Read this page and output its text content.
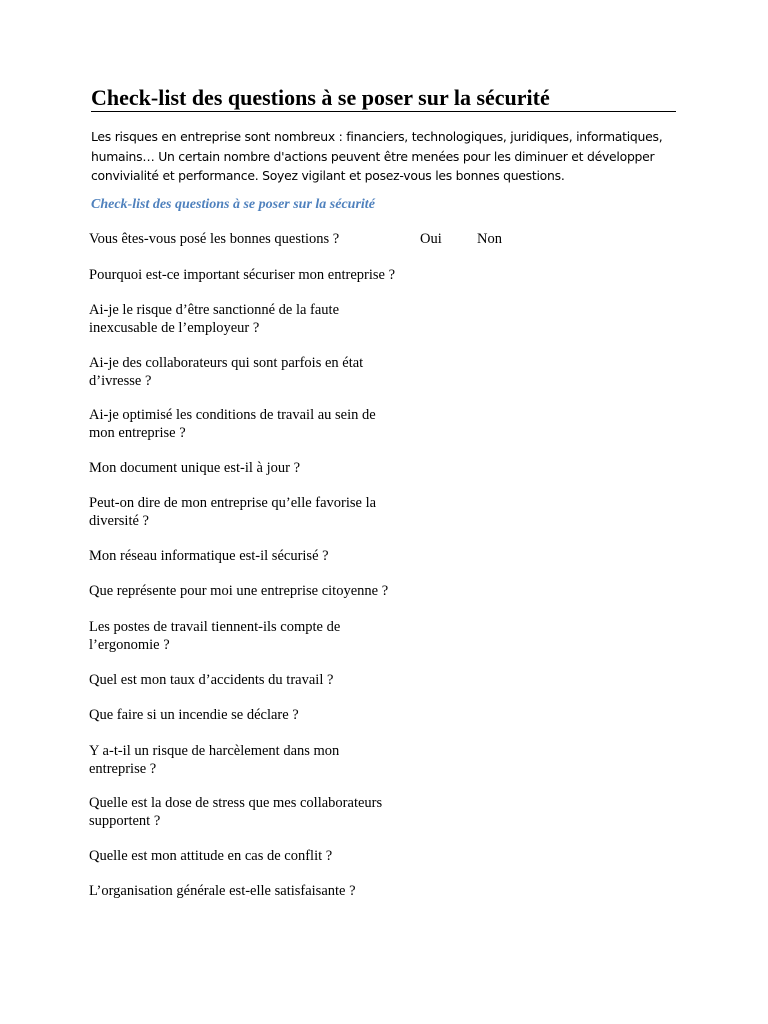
Check-list des questions à se poser sur la sécurité
Les risques en entreprise sont nombreux : financiers, technologiques, juridiques, informatiques,
humains… Un certain nombre d'actions peuvent être menées pour les diminuer et développer
convivialité et performance. Soyez vigilant et posez-vous les bonnes questions.
Check-list des questions à se poser sur la sécurité
Oui Non
Vous êtes-vous posé les bonnes questions ?
Pourquoi est-ce important sécuriser mon entreprise ?
Ai-je le risque d’être sanctionné de la faute
inexcusable de l’employeur ?
Ai-je des collaborateurs qui sont parfois en état
d’ivresse ?
Ai-je optimisé les conditions de travail au sein de
mon entreprise ?
Mon document unique est-il à jour ?
Peut-on dire de mon entreprise qu’elle favorise la
diversité ?
Mon réseau informatique est-il sécurisé ?
Que représente pour moi une entreprise citoyenne ?
Les postes de travail tiennent-ils compte de
l’ergonomie ?
Quel est mon taux d’accidents du travail ?
Que faire si un incendie se déclare ?
Y a-t-il un risque de harcèlement dans mon
entreprise ?
Quelle est la dose de stress que mes collaborateurs
supportent ?
Quelle est mon attitude en cas de conflit ?
L’organisation générale est-elle satisfaisante ?
